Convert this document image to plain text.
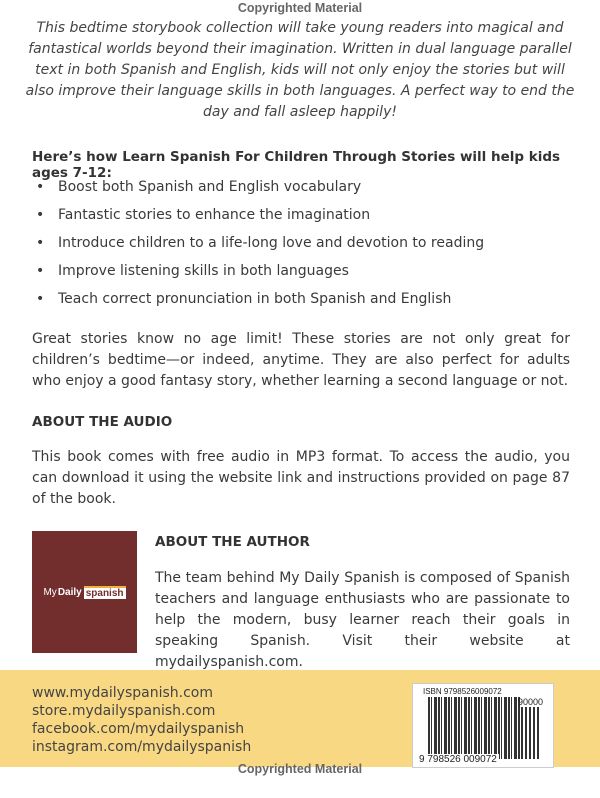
Copyrighted Material

This bedtime storybook collection will take young readers into magical and fantastical worlds beyond their imagination. Written in dual language parallel text in both Spanish and English, kids will not only enjoy the stories but will also improve their language skills in both languages. A perfect way to end the day and fall asleep happily!

Here’s how Learn Spanish For Children Through Stories will help kids ages 7-12:
• Boost both Spanish and English vocabulary
• Fantastic stories to enhance the imagination
• Introduce children to a life-long love and devotion to reading
• Improve listening skills in both languages
• Teach correct pronunciation in both Spanish and English

Great stories know no age limit! These stories are not only great for children’s bedtime—or indeed, anytime. They are also perfect for adults who enjoy a good fantasy story, whether learning a second language or not.

ABOUT THE AUDIO

This book comes with free audio in MP3 format. To access the audio, you can download it using the website link and instructions provided on page 87 of the book.

My Daily spanish
ABOUT THE AUTHOR

The team behind My Daily Spanish is composed of Spanish teachers and language enthusiasts who are passionate to help the modern, busy learner reach their goals in speaking Spanish. Visit their website at mydailyspanish.com.

www.mydailyspanish.com
store.mydailyspanish.com
facebook.com/mydailyspanish
instagram.com/mydailyspanish
ISBN 9798526009072
90000
9 798526 009072
Copyrighted Material
